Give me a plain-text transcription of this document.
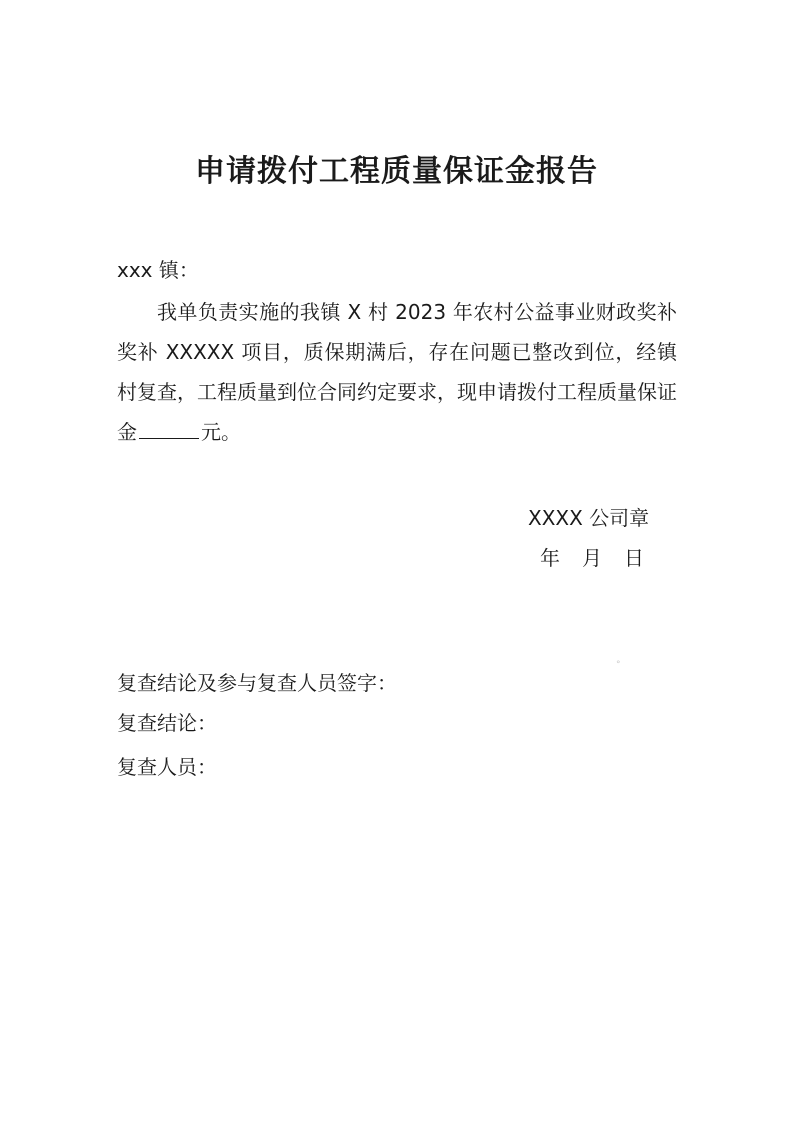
申请拨付工程质量保证金报告
xxx 镇：
我单负责实施的我镇 X 村 2023 年农村公益事业财政奖补奖补 XXXXX 项目，质保期满后，存在问题已整改到位，经镇村复查，工程质量到位合同约定要求，现申请拨付工程质量保证金	元。
XXXX 公司章
年 月 日
复查结论及参与复查人员签字：
复查结论：
复查人员：
°
